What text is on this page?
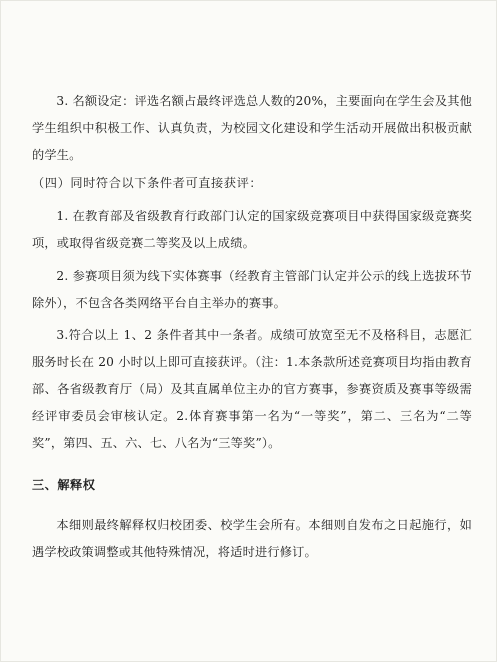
3. 名额设定：评选名额占最终评选总人数的20%，主要面向在学生会及其他学生组织中积极工作、认真负责，为校园文化建设和学生活动开展做出积极贡献的学生。

（四）同时符合以下条件者可直接获评：

1. 在教育部及省级教育行政部门认定的国家级竞赛项目中获得国家级竞赛奖项，或取得省级竞赛二等奖及以上成绩。

2. 参赛项目须为线下实体赛事（经教育主管部门认定并公示的线上选拔环节除外），不包含各类网络平台自主举办的赛事。

3.符合以上 1、2 条件者其中一条者。成绩可放宽至无不及格科目，志愿汇服务时长在 20 小时以上即可直接获评。（注：1.本条款所述竞赛项目均指由教育部、各省级教育厅（局）及其直属单位主办的官方赛事，参赛资质及赛事等级需经评审委员会审核认定。2.体育赛事第一名为“一等奖”，第二、三名为“二等奖”，第四、五、六、七、八名为“三等奖”）。

三、解释权

本细则最终解释权归校团委、校学生会所有。本细则自发布之日起施行，如遇学校政策调整或其他特殊情况，将适时进行修订。
